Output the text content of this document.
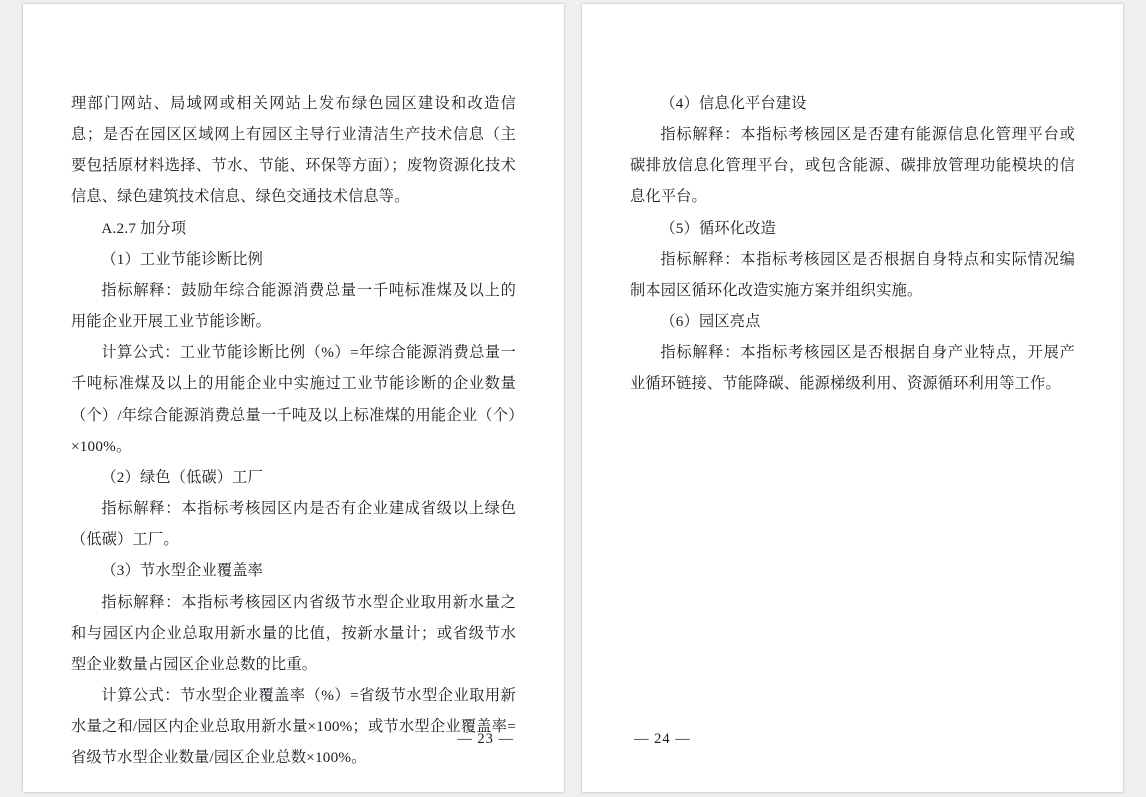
理部门网站、局域网或相关网站上发布绿色园区建设和改造信息；是否在园区区域网上有园区主导行业清洁生产技术信息（主要包括原材料选择、节水、节能、环保等方面）；废物资源化技术信息、绿色建筑技术信息、绿色交通技术信息等。

A.2.7 加分项

（1）工业节能诊断比例

指标解释：鼓励年综合能源消费总量一千吨标准煤及以上的用能企业开展工业节能诊断。

计算公式：工业节能诊断比例（%）=年综合能源消费总量一千吨标准煤及以上的用能企业中实施过工业节能诊断的企业数量（个）/年综合能源消费总量一千吨及以上标准煤的用能企业（个）×100%。

（2）绿色（低碳）工厂

指标解释：本指标考核园区内是否有企业建成省级以上绿色（低碳）工厂。

（3）节水型企业覆盖率

指标解释：本指标考核园区内省级节水型企业取用新水量之和与园区内企业总取用新水量的比值，按新水量计；或省级节水型企业数量占园区企业总数的比重。

计算公式：节水型企业覆盖率（%）=省级节水型企业取用新水量之和/园区内企业总取用新水量×100%；或节水型企业覆盖率=省级节水型企业数量/园区企业总数×100%。

— 23 —

（4）信息化平台建设

指标解释：本指标考核园区是否建有能源信息化管理平台或碳排放信息化管理平台，或包含能源、碳排放管理功能模块的信息化平台。

（5）循环化改造

指标解释：本指标考核园区是否根据自身特点和实际情况编制本园区循环化改造实施方案并组织实施。

（6）园区亮点

指标解释：本指标考核园区是否根据自身产业特点，开展产业循环链接、节能降碳、能源梯级利用、资源循环利用等工作。

— 24 —
